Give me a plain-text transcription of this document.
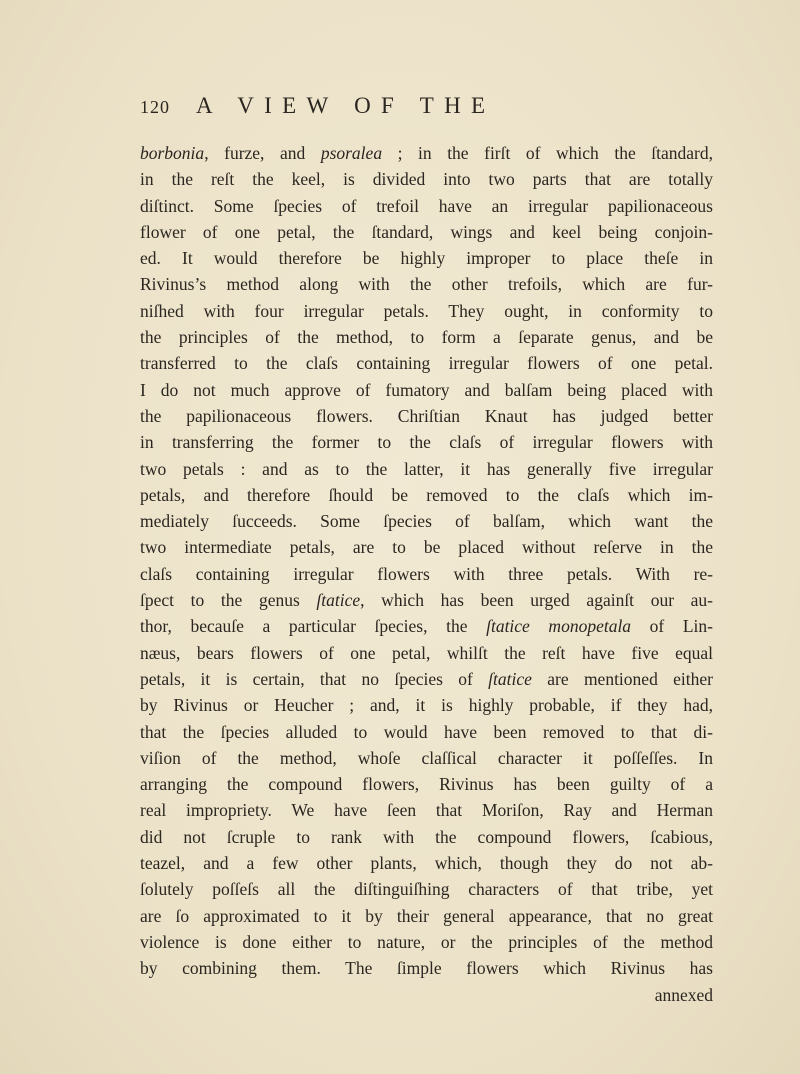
120 A VIEW OF THE
borbonia, furze, and psoralea ; in the firſt of which the ſtandard,
in the reſt the keel, is divided into two parts that are totally
diſtinct. Some ſpecies of trefoil have an irregular papilionaceous
flower of one petal, the ſtandard, wings and keel being conjoin-
ed. It would therefore be highly improper to place theſe in
Rivinus’s method along with the other trefoils, which are fur-
niſhed with four irregular petals. They ought, in conformity to
the principles of the method, to form a ſeparate genus, and be
transferred to the claſs containing irregular flowers of one petal.
I do not much approve of fumatory and balſam being placed with
the papilionaceous flowers. Chriſtian Knaut has judged better
in transferring the former to the claſs of irregular flowers with
two petals : and as to the latter, it has generally five irregular
petals, and therefore ſhould be removed to the claſs which im-
mediately ſucceeds. Some ſpecies of balſam, which want the
two intermediate petals, are to be placed without reſerve in the
claſs containing irregular flowers with three petals. With re-
ſpect to the genus ſtatice, which has been urged againſt our au-
thor, becauſe a particular ſpecies, the ſtatice monopetala of Lin-
næus, bears flowers of one petal, whilſt the reſt have five equal
petals, it is certain, that no ſpecies of ſtatice are mentioned either
by Rivinus or Heucher ; and, it is highly probable, if they had,
that the ſpecies alluded to would have been removed to that di-
viſion of the method, whoſe claſſical character it poſſeſſes. In
arranging the compound flowers, Rivinus has been guilty of a
real impropriety. We have ſeen that Moriſon, Ray and Herman
did not ſcruple to rank with the compound flowers, ſcabious,
teazel, and a few other plants, which, though they do not ab-
ſolutely poſſeſs all the diſtinguiſhing characters of that tribe, yet
are ſo approximated to it by their general appearance, that no great
violence is done either to nature, or the principles of the method
by combining them. The ſimple flowers which Rivinus has
annexed
